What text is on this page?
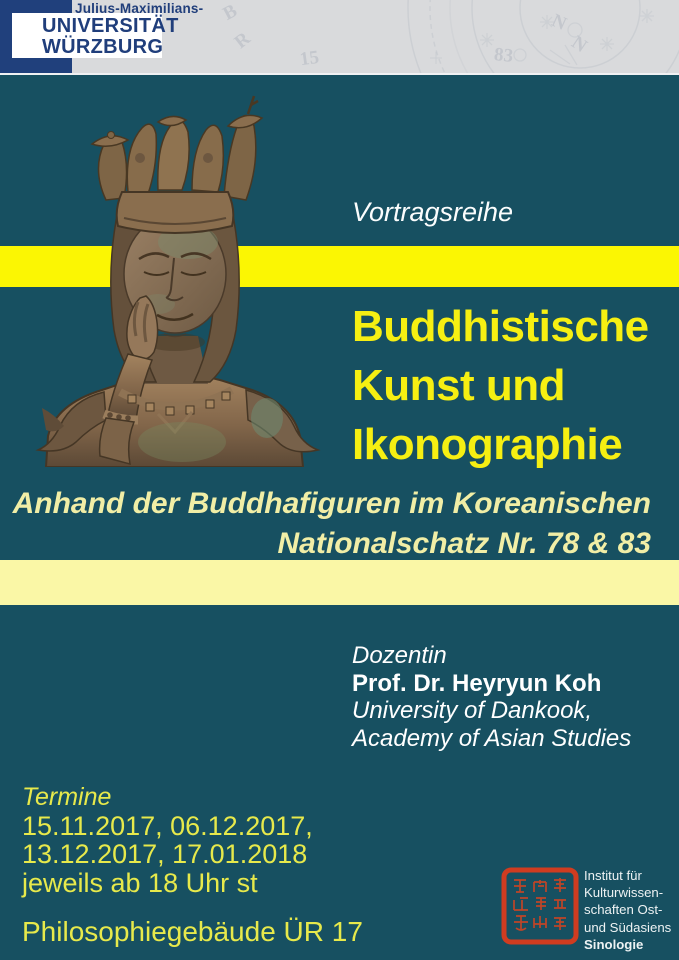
B
R
15	83
N
N
Julius-Maximilians-
UNIVERSITÄT
WÜRZBURG
Vortragsreihe
Buddhistische
Kunst und
Ikonographie
Anhand der Buddhafiguren im Koreanischen
Nationalschatz Nr. 78 & 83
Dozentin
Prof. Dr. Heyryun Koh
University of Dankook,
Academy of Asian Studies
Termine
15.11.2017, 06.12.2017,
13.12.2017, 17.01.2018
jeweils ab 18 Uhr st
Philosophiegebäude ÜR 17
Institut für
Kulturwissen-
schaften Ost-
und Südasiens
Sinologie
